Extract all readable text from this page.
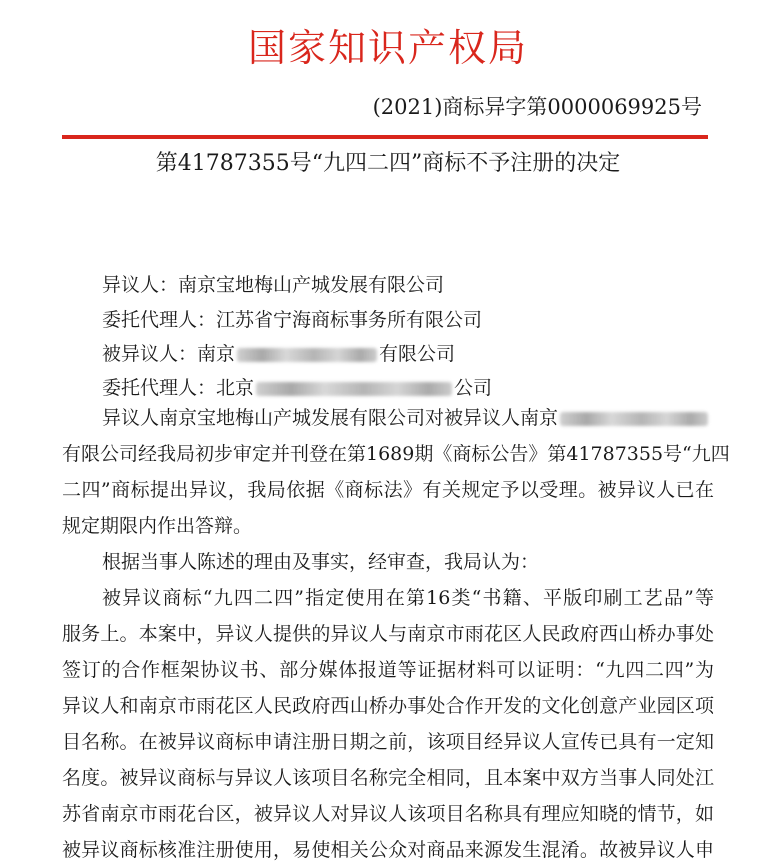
国家知识产权局
(2021)商标异字第0000069925号
第41787355号“九四二四”商标不予注册的决定
异议人：南京宝地梅山产城发展有限公司
委托代理人：江苏省宁海商标事务所有限公司
被异议人：南京	有限公司
委托代理人：北京	公司
异议人南京宝地梅山产城发展有限公司对被异议人南京
有限公司经我局初步审定并刊登在第1689期《商标公告》第41787355号“九四
二四”商标提出异议，我局依据《商标法》有关规定予以受理。被异议人已在
规定期限内作出答辩。
根据当事人陈述的理由及事实，经审查，我局认为：
被异议商标“九四二四”指定使用在第16类“书籍、平版印刷工艺品”等
服务上。本案中，异议人提供的异议人与南京市雨花区人民政府西山桥办事处
签订的合作框架协议书、部分媒体报道等证据材料可以证明：“九四二四”为
异议人和南京市雨花区人民政府西山桥办事处合作开发的文化创意产业园区项
目名称。在被异议商标申请注册日期之前，该项目经异议人宣传已具有一定知
名度。被异议商标与异议人该项目名称完全相同，且本案中双方当事人同处江
苏省南京市雨花台区，被异议人对异议人该项目名称具有理应知晓的情节，如
被异议商标核准注册使用，易使相关公众对商品来源发生混淆。故被异议人申
